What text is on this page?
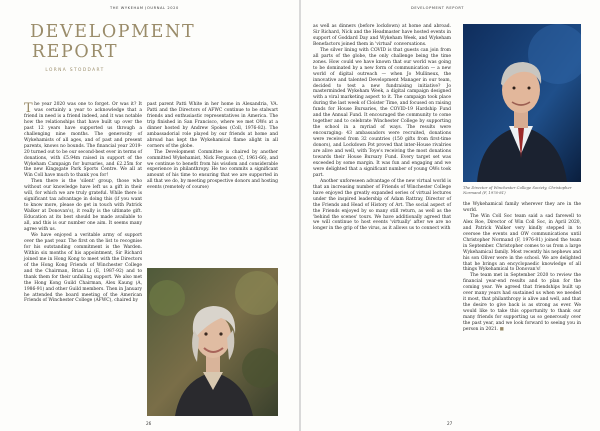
THE WYKEHAM JOURNAL 2020
DEVELOPMENT REPORT
LORNA STODDART

The year 2020 was one to forget. Or was it? It was certainly a year to acknowledge that a friend in need is a friend indeed, and it was notable how the relationships that have built up over the past 12 years have supported us through a challenging nine months. The generosity of Wykehamists of all ages, and of past and present parents, knows no bounds. The financial year 2019-20 turned out to be our second-best ever in terms of donations, with £5.94m raised in support of the Wykeham Campaign for bursaries, and £2.25m for the new Kingsgate Park Sports Centre. We all at Win Coll have much to thank you for!

Then there is the 'silent' group, those who without our knowledge have left us a gift in their will, for which we are truly grateful. While there is significant tax advantage in doing this (if you want to know more, please do get in touch with Patrick Walker at Donovan's), it really is the ultimate gift. Education at its best should be made available to all, and this is our number one aim. It seems many agree with us.

We have enjoyed a veritable army of support over the past year. The first on the list to recognise for his outstanding commitment is the Warden. Within six months of his appointment, Sir Richard joined me in Hong Kong to meet with the Directors of the Hong Kong Friends of Winchester College and the Chairman, Brian Li (E, 1987-92) and to thank them for their unfailing support. We also met the Hong Kong Guild Chairman, Alex Kaung (A, 1986-91) and other Guild members. Then in January he attended the board meeting of the American Friends of Winchester College (AFWC), chaired by

past parent Patti White in her home in Alexandria, VA. Patti and the Directors of AFWC continue to be stalwart friends and enthusiastic representatives in America. The trip finished in San Francisco, where we met OWs at a dinner hosted by Andrew Spokes (Coll, 1976-82). The ambassadorial role played by our friends at home and abroad has kept the Wykehamical flame alight in all corners of the globe.

The Development Committee is chaired by another committed Wykehamist, Nick Ferguson (C, 1961-66), and we continue to benefit from his wisdom and considerable experience in philanthropy. He too commits a significant amount of his time to ensuring that we are supported in all that we do, by meeting prospective donors and hosting events (remotely of course)

26
DEVELOPMENT REPORT

as well as dinners (before lockdown) at home and abroad. Sir Richard, Nick and the Headmaster have hosted events in support of Goddard Day and Wykeham Week, and Wykeham Benefactors joined them in 'virtual' conversations.

The silver lining with COVID is that guests can join from all parts of the globe, the only challenge being the time zones. How could we have known that our world was going to be dominated by a new form of communication — a new world of digital outreach — when Jo Mullineux, the innovative and talented Development Manager in our team, decided to test a new fundraising initiative? Jo masterminded Wykeham Week, a digital campaign designed with a viral marketing aspect to it. The campaign took place during the last week of Cloister Time, and focused on raising funds for House Bursaries, the COVID-19 Hardship Fund and the Annual Fund. It encouraged the community to come together and to celebrate Winchester College by supporting the school in a myriad of ways. The results were encouraging: 43 ambassadors were recruited, donations were received from 32 countries (150 gifts from first-time donors), and Lockdown Pot proved that inter-House rivalries are alive and well, with Toye's receiving the most donations towards their House Bursary Fund. Every target set was exceeded by some margin. It was fun and engaging and we were delighted that a significant number of young OWs took part.

Another unforeseen advantage of the new virtual world is that an increasing number of Friends of Winchester College have enjoyed the greatly expanded series of virtual lectures under the inspired leadership of Adam Rattray, Director of the Friends and Head of History of Art. The social aspect of the Friends enjoyed by so many still return, as well as the 'behind the scenes' tours. We have additionally agreed that we will continue to host events 'virtually' after we are no longer in the grip of the virus, as it allows us to connect with

The Director of Winchester College Society, Christopher Normand (F, 1976-81)

the Wykehamical family wherever they are in the world.

The Win Coll Soc team said a sad farewell to Alex Roe, Director of Win Coll Soc, in April 2020, and Patrick Walker very kindly stepped in to oversee the events and OW communications until Christopher Normand (F, 1976-81) joined the team in September. Christopher comes to us from a large Wykehamical family. Most recently his nephews and his son Oliver were in the school. We are delighted that he brings an encyclopaedic knowledge of all things Wykehamical to Donovan's!

The team met in September 2020 to review the financial year-end results and to plan for the coming year. We agreed that friendships built up over many years had sustained us when we needed it most, that philanthropy is alive and well, and that the desire to give back is as strong as ever. We would like to take this opportunity to thank our many friends for supporting us so generously over the past year, and we look forward to seeing you in person in 2021. ■

27
